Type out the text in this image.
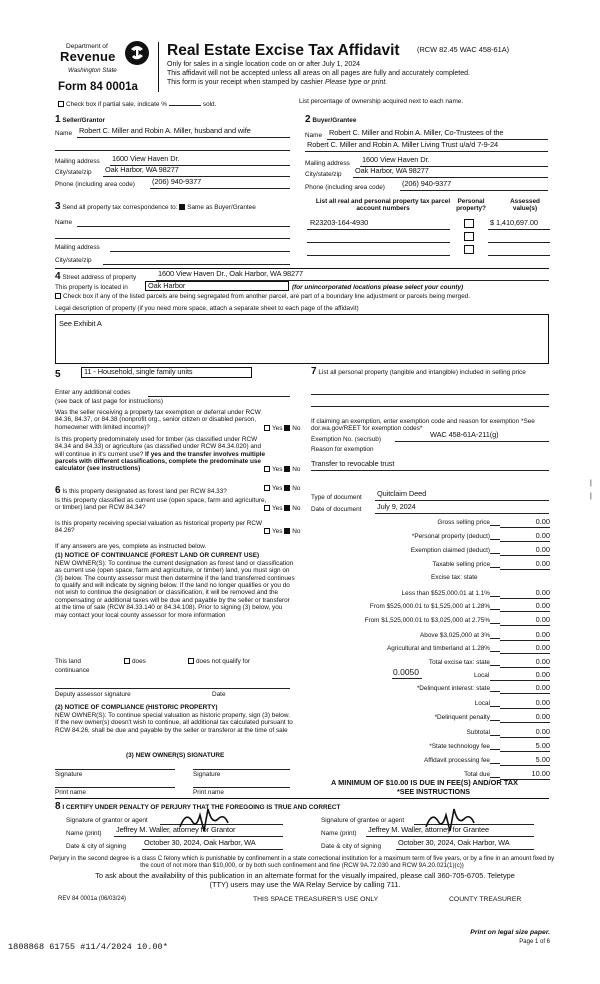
Department of
Revenue
Washington State
Form 84 0001a
Real Estate Excise Tax Affidavit (RCW 82.45 WAC 458-61A)
Only for sales in a single location code on or after July 1, 2024
This affidavit will not be accepted unless all areas on all pages are fully and accurately completed.
This form is your receipt when stamped by cashier Please type or print.
Check box if partial sale, indicate %	sold.	List percentage of ownership acquired next to each name.
1 Seller/Grantor
Name Robert C. Miller and Robin A. Miller, husband and wife
Mailing address 1600 View Haven Dr.
City/state/zip Oak Harbor, WA 98277
Phone (including area code) (206) 940-9377
2 Buyer/Grantee
Name Robert C. Miller and Robin A. Miller, Co-Trustees of the
Robert C. Miller and Robin A. Miller Living Trust u/a/d 7-9-24
Mailing address 1600 View Haven Dr.
City/state/zip Oak Harbor, WA 98277
Phone (including area code) (206) 940-9377
3 Send all property tax correspondence to: Same as Buyer/Grantee
Name
Mailing address
City/state/zip
List all real and personal property tax parcel account numbers
Personal property?
Assessed value(s)
R23203-164-4930	$ 1,410,697.00
4 Street address of property	1600 View Haven Dr., Oak Harbor, WA 98277
This property is located in	Oak Harbor	(for unincorporated locations please select your county)
Check box if any of the listed parcels are being segregated from another parcel, are part of a boundary line adjustment or parcels being merged.
Legal description of property (if you need more space, attach a separate sheet to each page of the affidavit)
See Exhibit A
5	11 - Household, single family units
Enter any additional codes
(see back of last page for instructions)
Was the seller receiving a property tax exemption or deferral under RCW 84.36, 84.37, or 84.38 (nonprofit org., senior citizen or disabled person, homeowner with limited income)?	Yes No
Is this property predominately used for timber (as classified under RCW 84.34 and 84.33) or agriculture (as classified under RCW 84.34.020) and will continue in it's current use? If yes and the transfer involves multiple parcels with different classifications, complete the predominate use calculator (see instructions)	Yes No
6 Is this property designated as forest land per RCW 84.33?	Yes No
Is this property classified as current use (open space, farm and agriculture, or timber) land per RCW 84.34?	Yes No
Is this property receiving special valuation as historical property per RCW 84.26?	Yes No
If any answers are yes, complete as instructed below.
(1) NOTICE OF CONTINUANCE (FOREST LAND OR CURRENT USE)
NEW OWNER(S): To continue the current designation as forest land or classification as current use (open space, farm and agriculture, or timber) land, you must sign on (3) below. The county assessor must then determine if the land transferred continues to qualify and will indicate by signing below. If the land no longer qualifies or you do not wish to continue the designation or classification, it will be removed and the compensating or additional taxes will be due and payable by the seller or transferor at the time of sale (RCW 84.33.140 or 84.34.108). Prior to signing (3) below, you may contact your local county assessor for more information
This land	does	does not qualify for
continuance
Deputy assessor signature	Date
(2) NOTICE OF COMPLIANCE (HISTORIC PROPERTY)
NEW OWNER(S): To continue special valuation as historic property, sign (3) below. If the new owner(s) doesn't wish to continue, all additional tax calculated pursuant to RCW 84.26, shall be due and payable by the seller or transferor at the time of sale
(3) NEW OWNER(S) SIGNATURE
Signature	Signature
Print name	Print name
7 List all personal property (tangible and intangible) included in selling price
If claiming an exemption, enter exemption code and reason for exemption *See dor.wa.gov/REET for exemption codes*
Exemption No. (sec/sub)
WAC 458-61A-211(g)
Reason for exemption
Transfer to revocable trust
Type of document Quitclaim Deed
Date of document July 9, 2024
Gross selling price	0.00
*Personal property (deduct)	0.00
Exemption claimed (deduct)	0.00
Taxable selling price	0.00
Less than $525,000.01 at 1.1%	0.00
From $525,000.01 to $1,525,000 at 1.28%	0.00
From $1,525,000.01 to $3,025,000 at 2.75%	0.00
Above $3,025,000 at 3%	0.00
Agricultural and timberland at 1.28%	0.00
Total excise tax: state	0.00
Local	0.00
*Delinquent interest: state	0.00
Local	0.00
*Delinquent penalty	0.00
Subtotal	0.00
*State technology fee	5.00
Affidavit processing fee	5.00
Total due	10.00
Excise tax: state
0.0050
A MINIMUM OF $10.00 IS DUE IN FEE(S) AND/OR TAX
*SEE INSTRUCTIONS
8 I CERTIFY UNDER PENALTY OF PERJURY THAT THE FOREGOING IS TRUE AND CORRECT
Signature of grantor or agent	Signature of grantee or agent
Name (print) Jeffrey M. Waller, attorney for Grantor	Name (print) Jeffrey M. Waller, attorney for Grantee
Date & city of signing October 30, 2024, Oak Harbor, WA	Date & city of signing October 30, 2024, Oak Harbor, WA
Perjury in the second degree is a class C felony which is punishable by confinement in a state correctional institution for a maximum term of five years, or by a fine in an amount fixed by the court of not more than $10,000, or by both such confinement and fine (RCW 9A.72.030 and RCW 9A.20.021(1)(c))
To ask about the availability of this publication in an alternate format for the visually impaired, please call 360-705-6705. Teletype
(TTY) users may use the WA Relay Service by calling 711.
REV 84 0001a (06/03/24)	THIS SPACE TREASURER'S USE ONLY	COUNTY TREASURER
Print on legal size paper.
Page 1 of 6
1808868 61755 #11/4/2024 10.00*
|
|
